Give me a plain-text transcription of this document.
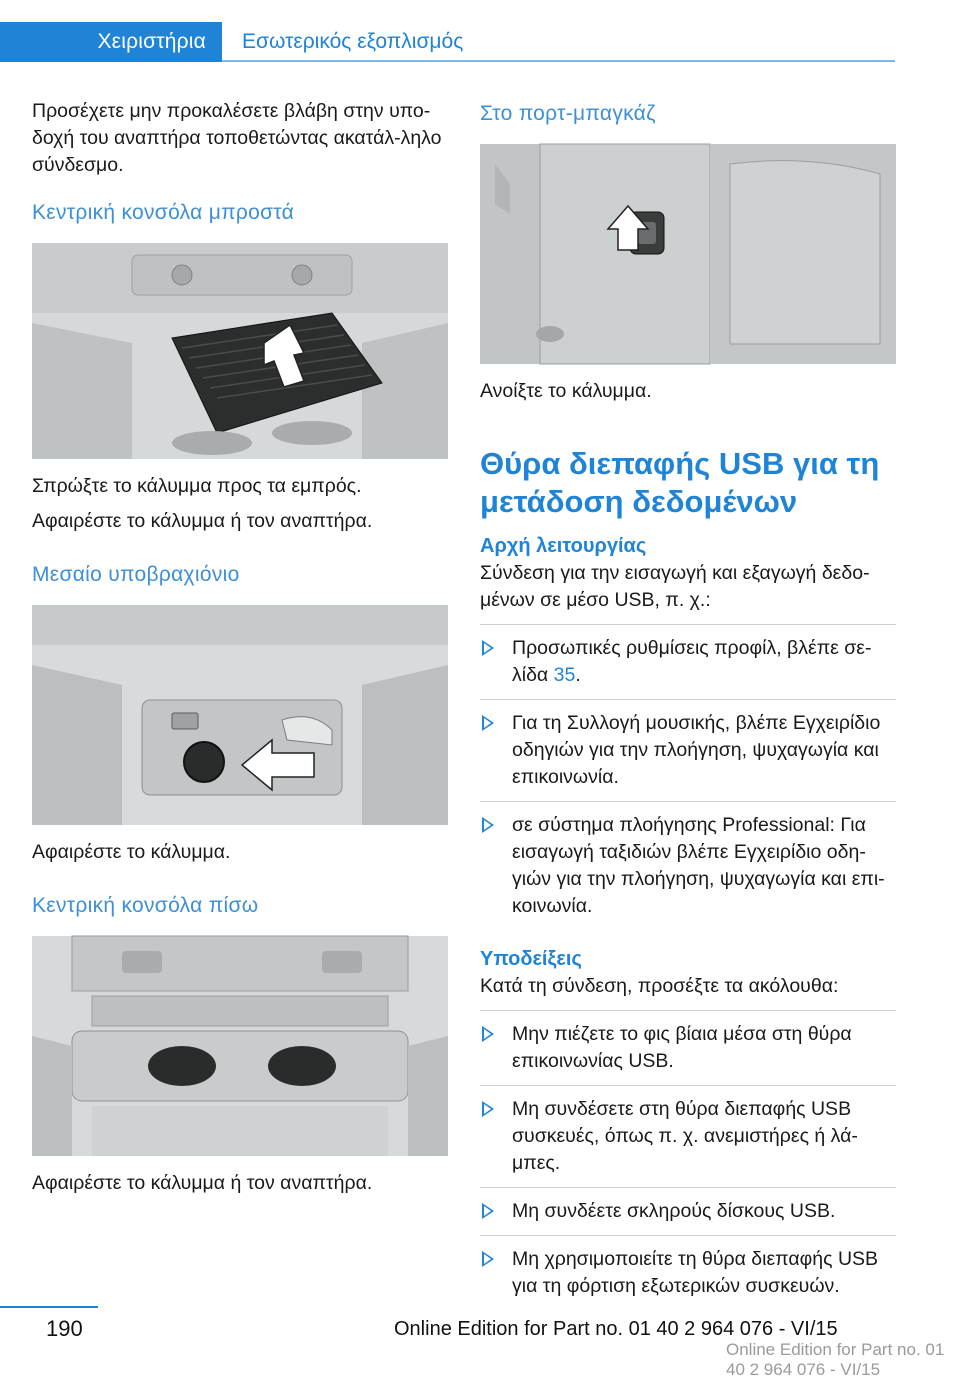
Χειριστήρια	Εσωτερικός εξοπλισμός

Προσέχετε μην προκαλέσετε βλάβη στην υπο-δοχή του αναπτήρα τοποθετώντας ακατάλ-ληλο σύνδεσμο.

Κεντρική κονσόλα μπροστά

Σπρώξτε το κάλυμμα προς τα εμπρός.

Αφαιρέστε το κάλυμμα ή τον αναπτήρα.

Μεσαίο υποβραχιόνιο

Αφαιρέστε το κάλυμμα.

Κεντρική κονσόλα πίσω

Αφαιρέστε το κάλυμμα ή τον αναπτήρα.

Στο πορτ-μπαγκάζ

Ανοίξτε το κάλυμμα.

Θύρα διεπαφής USB για τη μετάδοση δεδομένων
Αρχή λειτουργίας

Σύνδεση για την εισαγωγή και εξαγωγή δεδο-μένων σε μέσο USB, π. χ.:

Προσωπικές ρυθμίσεις προφίλ, βλέπε σε-λίδα 35.
Για τη Συλλογή μουσικής, βλέπε Εγχειρίδιο οδηγιών για την πλοήγηση, ψυχαγωγία και επικοινωνία.
σε σύστημα πλοήγησης Professional: Για εισαγωγή ταξιδιών βλέπε Εγχειρίδιο οδη-γιών για την πλοήγηση, ψυχαγωγία και επι-κοινωνία.
Υποδείξεις

Κατά τη σύνδεση, προσέξτε τα ακόλουθα:

Μην πιέζετε το φις βίαια μέσα στη θύρα επικοινωνίας USB.
Μη συνδέσετε στη θύρα διεπαφής USB συσκευές, όπως π. χ. ανεμιστήρες ή λά-μπες.
Μη συνδέετε σκληρούς δίσκους USB.
Μη χρησιμοποιείτε τη θύρα διεπαφής USB για τη φόρτιση εξωτερικών συσκευών.
190	Online Edition for Part no. 01 40 2 964 076 - VI/15
Online Edition for Part no. 01 40 2 964 076 - VI/15
